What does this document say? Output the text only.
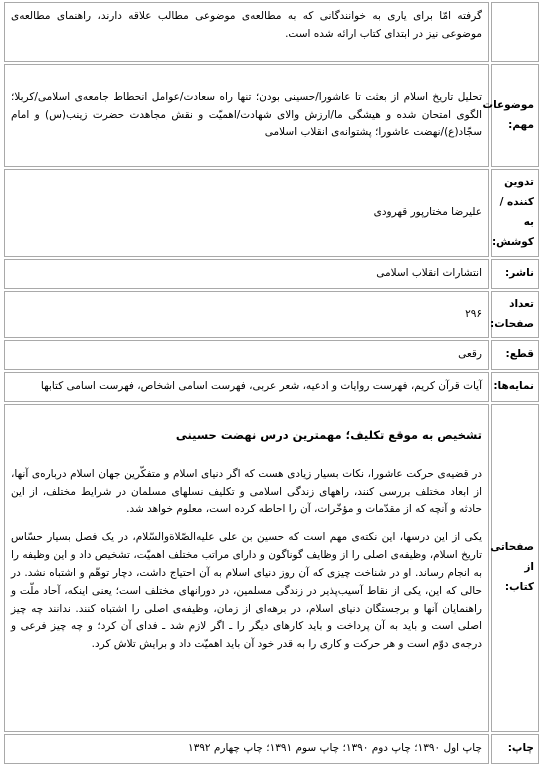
	گرفته امّا برای یاری به خوانندگانی که به مطالعه‌ی موضوعی مطالب علاقه دارند، راهنمای مطالعه‌ی موضوعی نیز در ابتدای کتاب ارائه شده است.
موضوعات مهم:	تحلیل تاریخ اسلام از بعثت تا عاشورا/حسینی بودن؛ تنها راه سعادت/عوامل انحطاط جامعه‌ی اسلامی/کربلا؛ الگوی امتحان شده و هیشگی ما/ارزش والای شهادت/اهمیّت و نقش مجاهدت حضرت زینب(س) و امام سجّاد(ع)/نهضت عاشورا؛ پشتوانه‌ی انقلاب اسلامی
تدوین کننده / به کوشش:	علیرضا مختارپور قهرودی
ناشر:	انتشارات انقلاب اسلامی
تعداد صفحات:	۲۹۶
قطع:	رقعی
نمایه‌ها:	آیات قرآن کریم، فهرست روایات و ادعیه، شعر عربی، فهرست اسامی اشخاص، فهرست اسامی کتابها
صفحاتی از کتاب:	تشخیص به موقع تکلیف؛ مهمترین درس نهضت حسینی
در قضیه‌ی حرکت عاشورا، نکات بسیار زیادی هست که اگر دنیای اسلام و متفکّرین جهان اسلام درباره‌ی آنها، از ابعاد مختلف بررسی کنند، راههای زندگی اسلامی و تکلیف نسلهای مسلمان در شرایط مختلف، از این حادثه و آنچه که از مقدّمات و مؤخّرات، آن را احاطه کرده است، معلوم خواهد شد.
یکی از این درسها، این نکته‌ی مهم است که حسین بن علی علیه‌الصّلاةوالسّلام، در یک فصل بسیار حسّاس تاریخ اسلام، وظیفه‌ی اصلی را از وظایف گوناگون و دارای مراتب مختلف اهمیّت، تشخیص داد و این وظیفه را به انجام رساند. او در شناخت چیزی که آن روز دنیای اسلام به آن احتیاج داشت، دچار توهّم و اشتباه نشد. در حالی که این، یکی از نقاط آسیب‌پذیر در زندگی مسلمین، در دورانهای مختلف است؛ یعنی اینکه، آحاد ملّت و راهنمایان آنها و برجستگان دنیای اسلام، در برهه‌ای از زمان، وظیفه‌ی اصلی را اشتباه کنند. ندانند چه چیز اصلی است و باید به آن پرداخت و باید کارهای دیگر را ـ اگر لازم شد ـ فدای آن کرد؛ و چه چیز فرعی و درجه‌ی دوّم است و هر حرکت و کاری را به قدر خود آن باید اهمیّت داد و برایش تلاش کرد.

چاپ:	چاپ اول ۱۳۹۰؛ چاپ دوم ۱۳۹۰؛ چاپ سوم ۱۳۹۱؛ چاپ چهارم ۱۳۹۲
